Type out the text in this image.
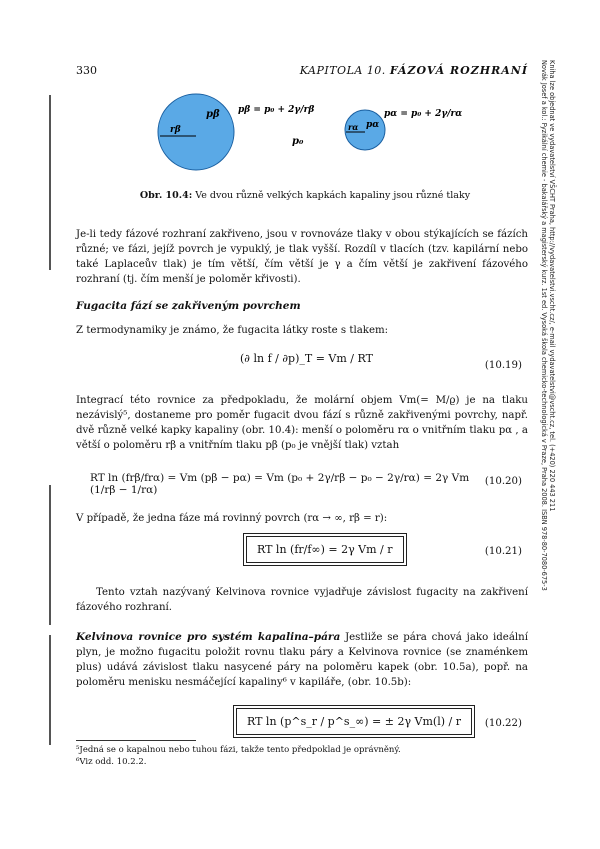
330	KAPITOLA 10. FÁZOVÁ ROZHRANÍ Novák Josef a kol.: Fyzikální chemie - bakalářský a magisterský kurz. 1st ed. Vysoká škola chemicko-technologická v Praze, Praha 2008. ISBN 978-80-7080-675-3 Kniha lze objednat ve vydavatelství VŠCHT Praha, http://vydavatelstvi.vscht.cz/, e-mail vydavatelstvi@vscht.cz, tel. (+420) 220 443 211
pβ
rβ
pβ = p₀ + 2γ/rβ
p₀
pα
rα
pα = p₀ + 2γ/rα
Obr. 10.4: Ve dvou různě velkých kapkách kapaliny jsou různé tlaky
Je-li tedy fázové rozhraní zakřiveno, jsou v rovnováze tlaky v obou stýkajících se fázích různé; ve fázi, jejíž povrch je vypuklý, je tlak vyšší. Rozdíl v tlacích (tzv. kapilární nebo také Laplaceův tlak) je tím větší, čím větší je γ a čím větší je zakřivení fázového rozhraní (tj. čím menší je poloměr křivosti).
Fugacita fází se zakřiveným povrchem
Z termodynamiky je známo, že fugacita látky roste s tlakem:
(∂ ln f / ∂p)_T = Vm / RT
(10.19)
Integrací této rovnice za předpokladu, že molární objem Vm(= M/ϱ) je na tlaku nezávislý⁵, dostaneme pro poměr fugacit dvou fází s různě zakřivenými povrchy, např. dvě různě velké kapky kapaliny (obr. 10.4): menší o poloměru rα o vnitřním tlaku pα , a větší o poloměru rβ a vnitřním tlaku pβ (p₀ je vnější tlak) vztah
RT ln (frβ/frα) = Vm (pβ − pα) = Vm (p₀ + 2γ/rβ − p₀ − 2γ/rα) = 2γ Vm (1/rβ − 1/rα)
(10.20)
V případě, že jedna fáze má rovinný povrch (rα → ∞, rβ = r):
RT ln (fr/f∞) = 2γ Vm / r	(10.21)
Tento vztah nazývaný Kelvinova rovnice vyjadřuje závislost fugacity na zakřivení fázového rozhraní.
Kelvinova rovnice pro systém kapalina–pára Jestliže se pára chová jako ideální plyn, je možno fugacitu položit rovnu tlaku páry a Kelvinova rovnice (se znaménkem plus) udává závislost tlaku nasycené páry na poloměru kapek (obr. 10.5a), popř. na poloměru menisku nesmáčející kapaliny⁶ v kapiláře, (obr. 10.5b):
RT ln (p^s_r / p^s_∞) = ± 2γ Vm(l) / r	(10.22)
⁵Jedná se o kapalnou nebo tuhou fázi, takže tento předpoklad je oprávněný.
⁶Viz odd. 10.2.2.
